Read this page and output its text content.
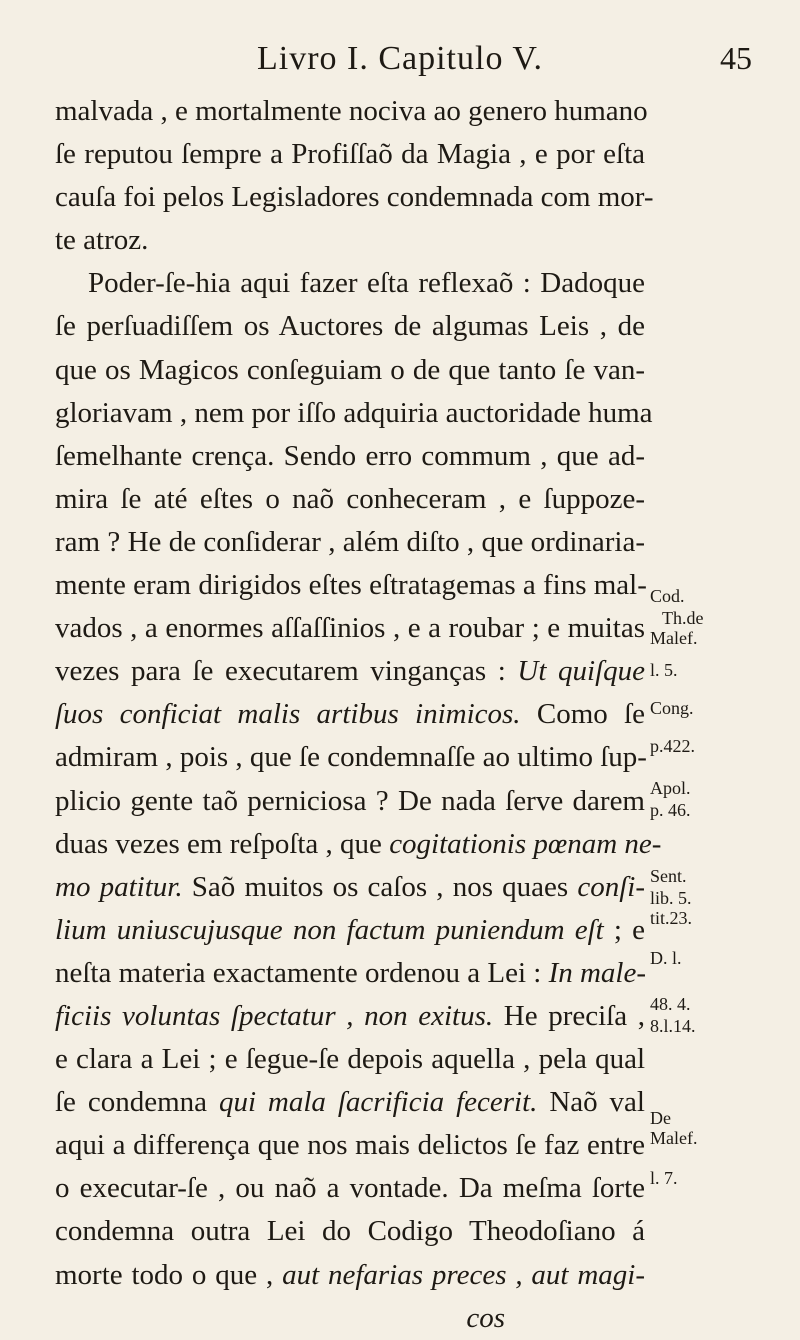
Livro I. Capitulo V.	45
malvada , e mortalmente nociva ao genero humano
ſe reputou ſempre a Profiſſaõ da Magia , e por eſta
cauſa foi pelos Legisladores condemnada com mor-
te atroz.
Poder-ſe-hia aqui fazer eſta reflexaõ : Dadoque
ſe perſuadiſſem os Auctores de algumas Leis , de
que os Magicos conſeguiam o de que tanto ſe van-
gloriavam , nem por iſſo adquiria auctoridade huma
ſemelhante crença. Sendo erro commum , que ad-
mira ſe até eſtes o naõ conheceram , e ſuppoze-
ram ? He de conſiderar , além diſto , que ordinaria-
mente eram dirigidos eſtes eſtratagemas a fins mal-
vados , a enormes aſſaſſinios , e a roubar ; e muitas
vezes para ſe executarem vinganças : Ut quiſque
ſuos conficiat malis artibus inimicos. Como ſe
admiram , pois , que ſe condemnaſſe ao ultimo ſup-
plicio gente taõ perniciosa ? De nada ſerve darem
duas vezes em reſpoſta , que cogitationis pœnam ne-
mo patitur. Saõ muitos os caſos , nos quaes conſi-
lium uniuscujusque non factum puniendum eſt ; e
neſta materia exactamente ordenou a Lei : In male-
ficiis voluntas ſpectatur , non exitus. He preciſa ,
e clara a Lei ; e ſegue-ſe depois aquella , pela qual
ſe condemna qui mala ſacrificia fecerit. Naõ val
aqui a differença que nos mais delictos ſe faz entre
o executar-ſe , ou naõ a vontade. Da meſma ſorte
condemna outra Lei do Codigo Theodoſiano á
morte todo o que , aut nefarias preces , aut magi-
cos
Cod.
Th.de
Malef.
l. 5.
Cong.
p.422.
Apol.
p. 46.
Sent.
lib. 5.
tit.23.
D. l.
48. 4.
8.l.14.
De
Malef.
l. 7.
